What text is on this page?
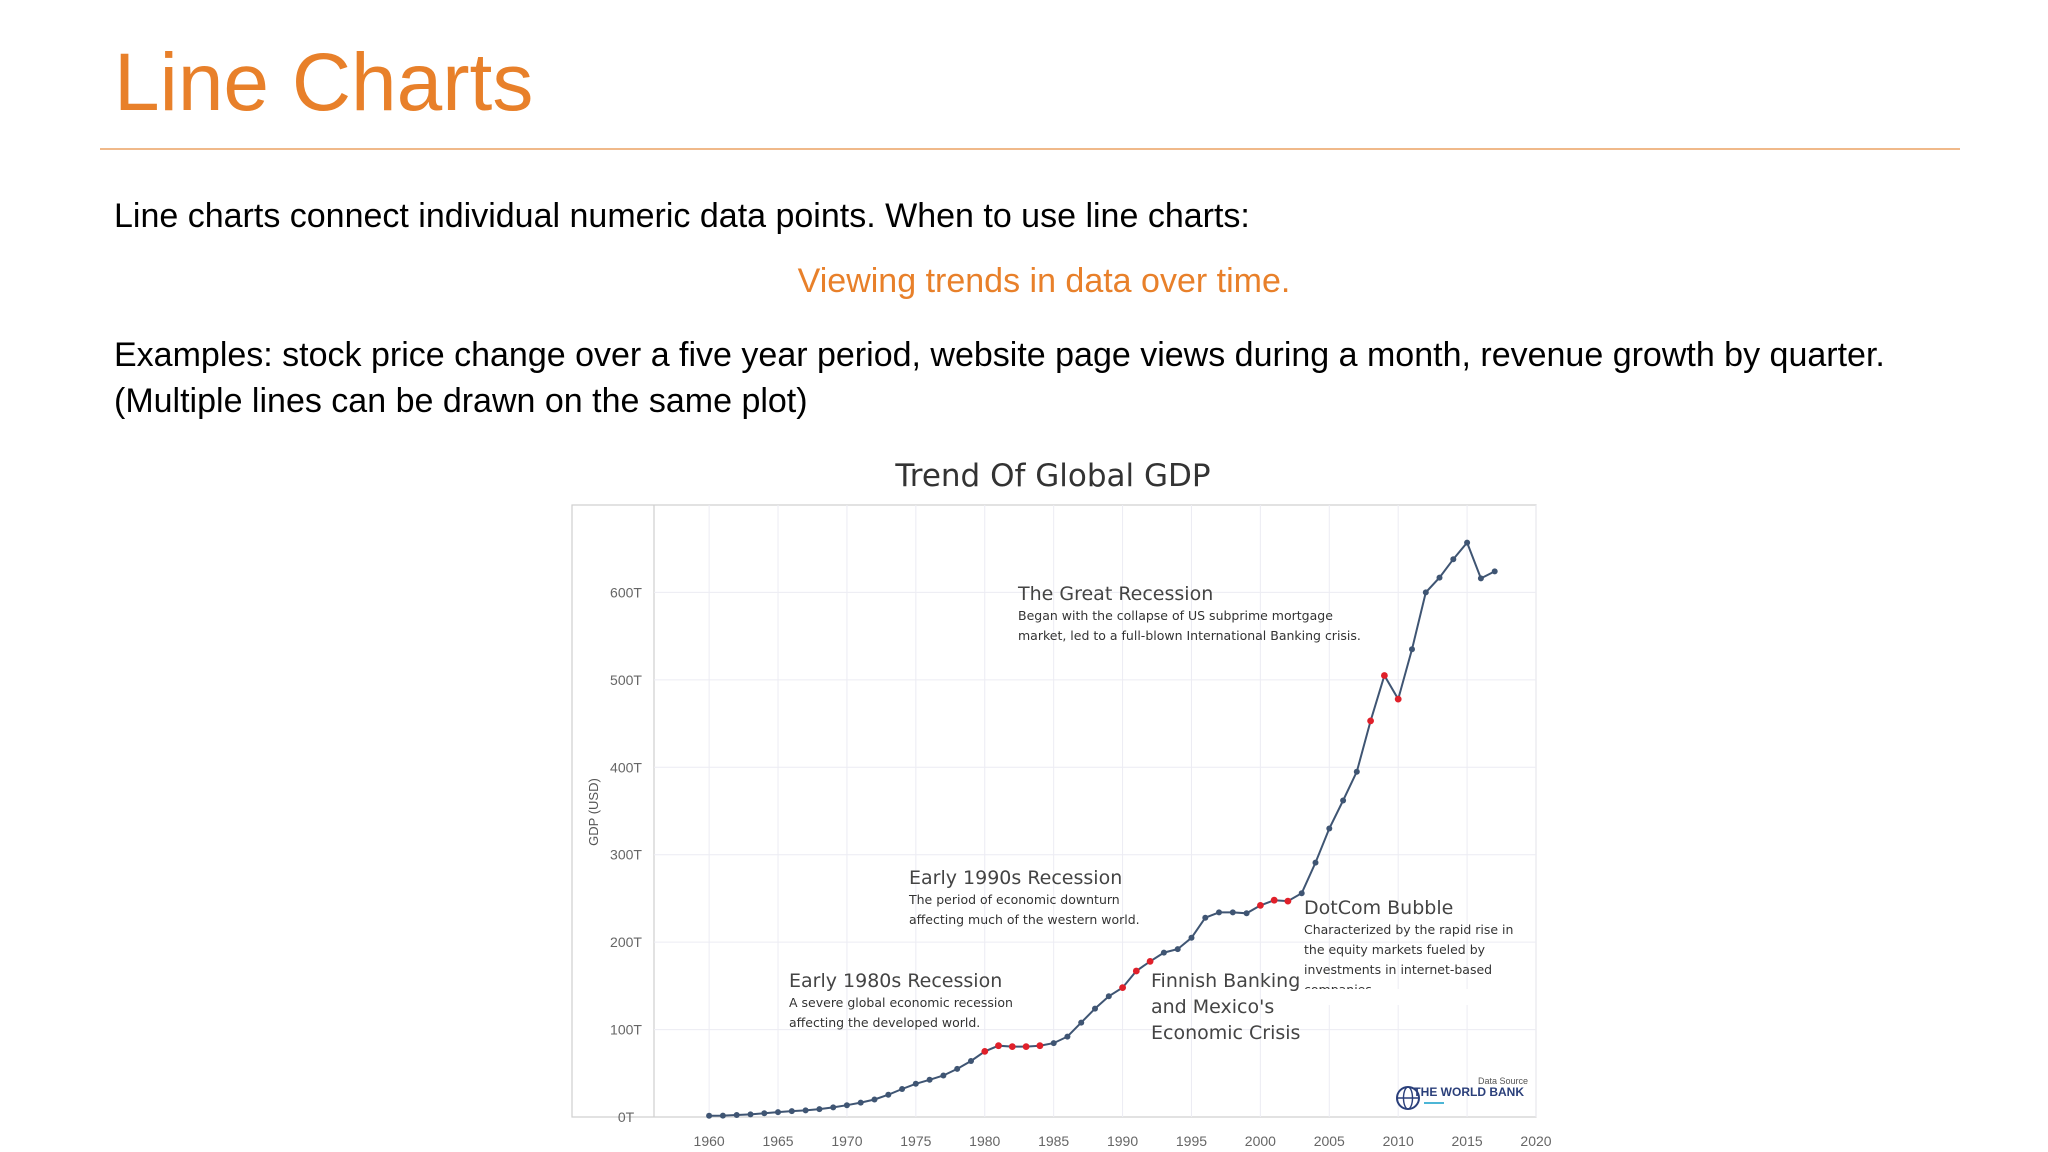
Line Charts
Line charts connect individual numeric data points. When to use line charts:
Viewing trends in data over time.
Examples: stock price change over a five year period, website page views during a month, revenue growth by quarter. (Multiple lines can be drawn on the same plot)
Trend Of Global GDP
0T
100T
200T
300T
400T
500T
600T
1960	1965	1970	1975	1980	1985	1990	1995	2000	2005	2010	2015	2020
GDP (USD)
The Great Recession
Began with the collapse of US subprime mortgage
market, led to a full-blown International Banking crisis.
Early 1990s Recession
The period of economic downturn
affecting much of the western world.
DotCom Bubble
Characterized by the rapid rise in
the equity markets fueled by
investments in internet-based
Early 1980s Recession
A severe global economic recession
affecting the developed world.
Finnish Banking
and Mexico's
Economic Crisis
Data Source
THE WORLD BANK
